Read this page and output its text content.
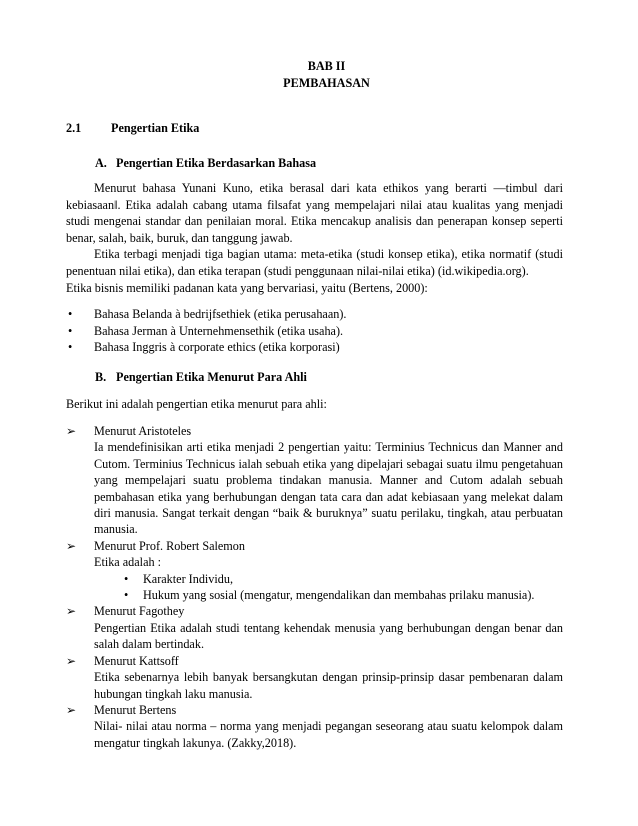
BAB II
PEMBAHASAN
2.1 Pengertian Etika
A. Pengertian Etika Berdasarkan Bahasa

Menurut bahasa Yunani Kuno, etika berasal dari kata ethikos yang berarti ―timbul dari kebiasaan‖. Etika adalah cabang utama filsafat yang mempelajari nilai atau kualitas yang menjadi studi mengenai standar dan penilaian moral. Etika mencakup analisis dan penerapan konsep seperti benar, salah, baik, buruk, dan tanggung jawab.

Etika terbagi menjadi tiga bagian utama: meta-etika (studi konsep etika), etika normatif (studi penentuan nilai etika), dan etika terapan (studi penggunaan nilai-nilai etika) (id.wikipedia.org).

Etika bisnis memiliki padanan kata yang bervariasi, yaitu (Bertens, 2000):

• Bahasa Belanda à bedrijfsethiek (etika perusahaan).
• Bahasa Jerman à Unternehmensethik (etika usaha).
• Bahasa Inggris à corporate ethics (etika korporasi)
B. Pengertian Etika Menurut Para Ahli

Berikut ini adalah pengertian etika menurut para ahli:

➢ Menurut Aristoteles
Ia mendefinisikan arti etika menjadi 2 pengertian yaitu: Terminius Technicus dan Manner and Cutom. Terminius Technicus ialah sebuah etika yang dipelajari sebagai suatu ilmu pengetahuan yang mempelajari suatu problema tindakan manusia. Manner and Cutom adalah sebuah pembahasan etika yang berhubungan dengan tata cara dan adat kebiasaan yang melekat dalam diri manusia. Sangat terkait dengan “baik & buruknya” suatu perilaku, tingkah, atau perbuatan manusia.
➢ Menurut Prof. Robert Salemon
Etika adalah :
• Karakter Individu,
• Hukum yang sosial (mengatur, mengendalikan dan membahas prilaku manusia).
➢ Menurut Fagothey
Pengertian Etika adalah studi tentang kehendak menusia yang berhubungan dengan benar dan salah dalam bertindak.
➢ Menurut Kattsoff
Etika sebenarnya lebih banyak bersangkutan dengan prinsip-prinsip dasar pembenaran dalam hubungan tingkah laku manusia.
➢ Menurut Bertens
Nilai- nilai atau norma – norma yang menjadi pegangan seseorang atau suatu kelompok dalam mengatur tingkah lakunya. (Zakky,2018).
